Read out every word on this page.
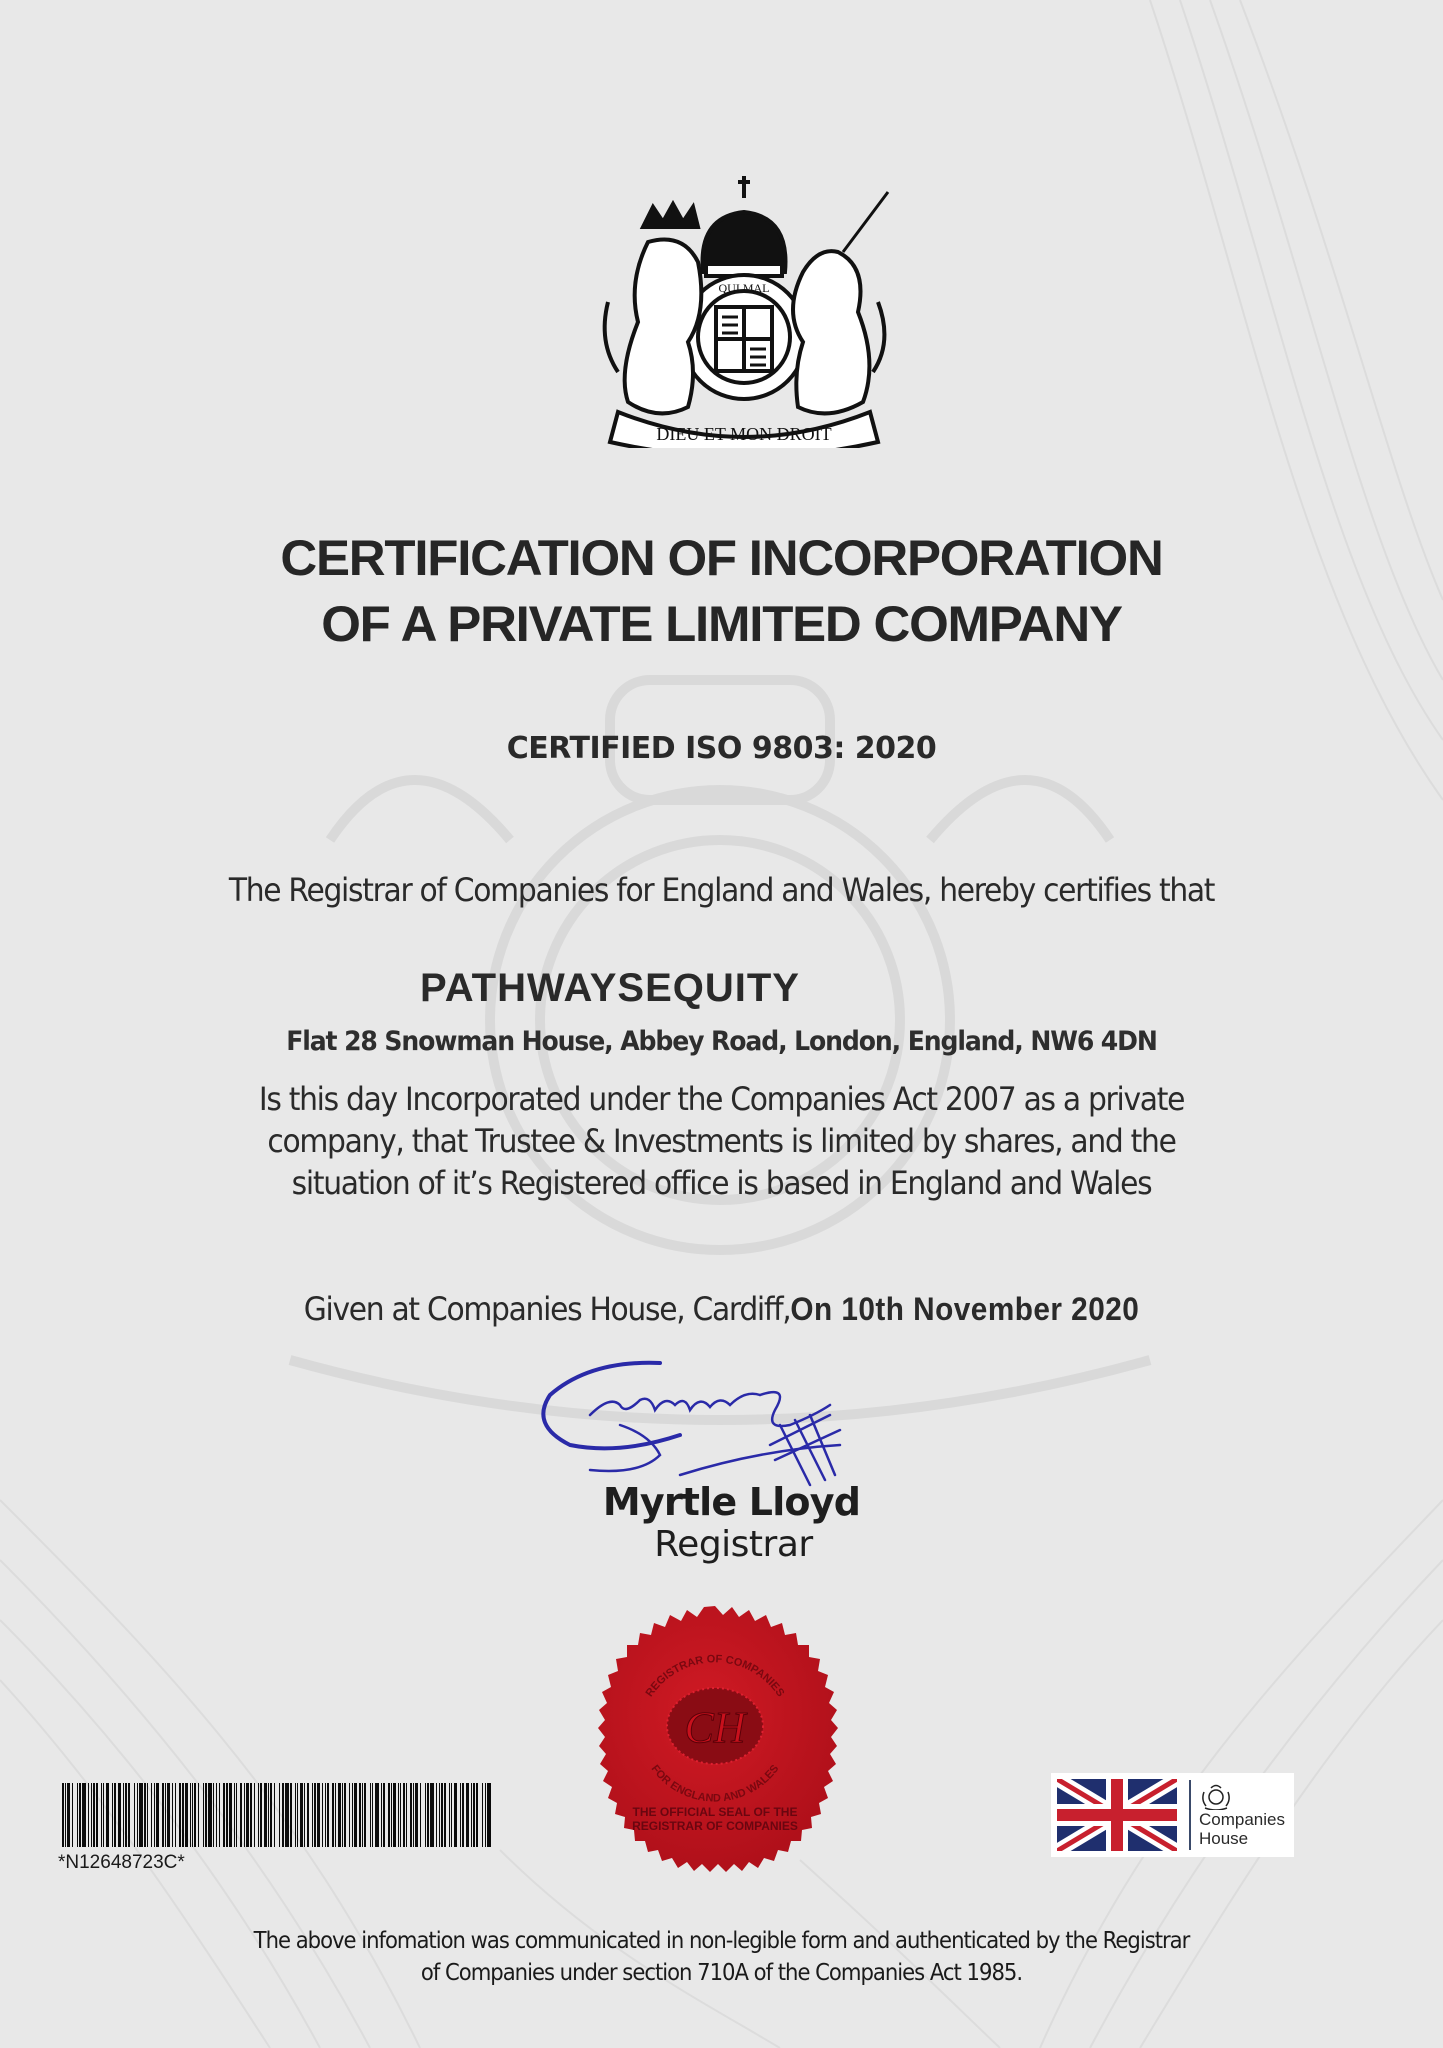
DIEU ET MON DROIT
QUI MAL
CERTIFICATION OF INCORPORATION
OF A PRIVATE LIMITED COMPANY
CERTIFIED ISO 9803: 2020
The Registrar of Companies for England and Wales, hereby certifies that
PATHWAYSEQUITY
Flat 28 Snowman House, Abbey Road, London, England, NW6 4DN
Is this day Incorporated under the Companies Act 2007 as a private
company, that Trustee & Investments is limited by shares, and the
situation of it’s Registered office is based in England and Wales
Given at Companies House, Cardiff,On 10th November 2020
Myrtle Lloyd
Registrar
CH
REGISTRAR OF COMPANIES
FOR ENGLAND AND WALES
THE OFFICIAL SEAL OF THE
REGISTRAR OF COMPANIES
*N12648723C*
Companies
House
The above infomation was communicated in non-legible form and authenticated by the Registrar
of Companies under section 710A of the Companies Act 1985.
